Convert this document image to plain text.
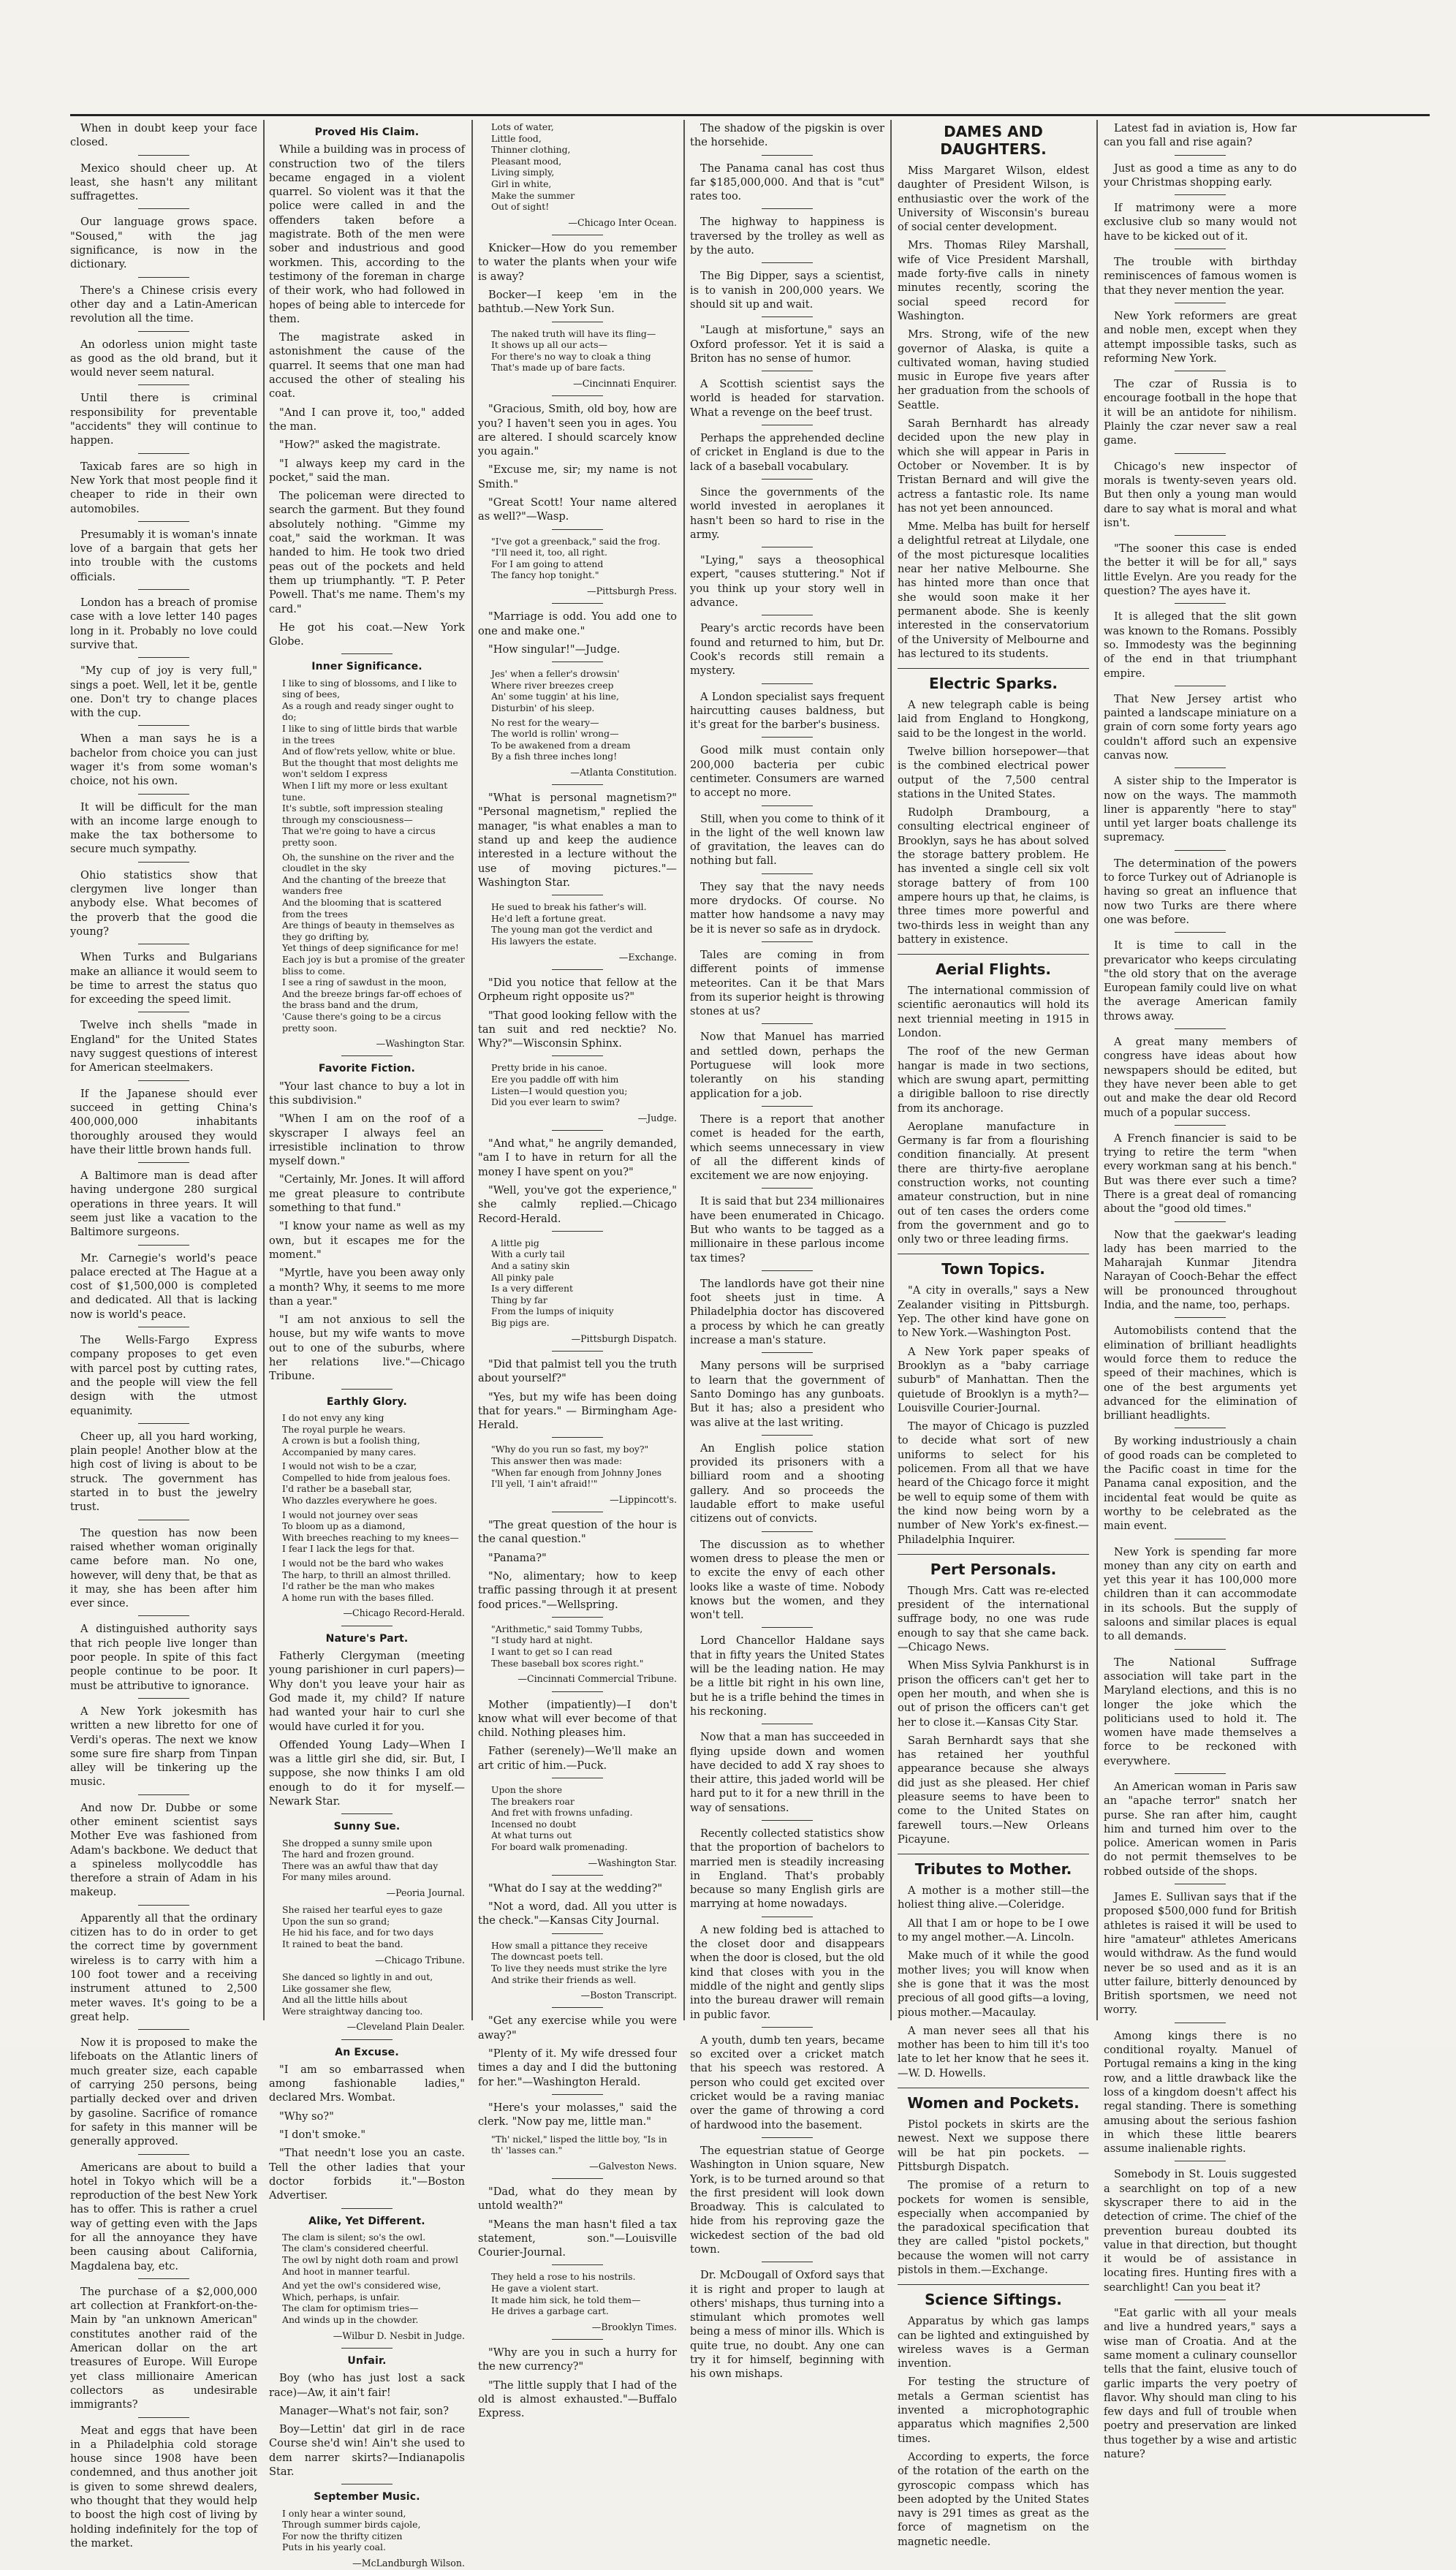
When in doubt keep your face closed.

Mexico should cheer up. At least, she hasn't any militant suffragettes.

Our language grows space. "Soused," with the jag significance, is now in the dictionary.

There's a Chinese crisis every other day and a Latin-American revolution all the time.

An odorless union might taste as good as the old brand, but it would never seem natural.

Until there is criminal responsibility for preventable "accidents" they will continue to happen.

Taxicab fares are so high in New York that most people find it cheaper to ride in their own automobiles.

Presumably it is woman's innate love of a bargain that gets her into trouble with the customs officials.

London has a breach of promise case with a love letter 140 pages long in it. Probably no love could survive that.

"My cup of joy is very full," sings a poet. Well, let it be, gentle one. Don't try to change places with the cup.

When a man says he is a bachelor from choice you can just wager it's from some woman's choice, not his own.

It will be difficult for the man with an income large enough to make the tax bothersome to secure much sympathy.

Ohio statistics show that clergymen live longer than anybody else. What becomes of the proverb that the good die young?

When Turks and Bulgarians make an alliance it would seem to be time to arrest the status quo for exceeding the speed limit.

Twelve inch shells "made in England" for the United States navy suggest questions of interest for American steelmakers.

If the Japanese should ever succeed in getting China's 400,000,000 inhabitants thoroughly aroused they would have their little brown hands full.

A Baltimore man is dead after having undergone 280 surgical operations in three years. It will seem just like a vacation to the Baltimore surgeons.

Mr. Carnegie's world's peace palace erected at The Hague at a cost of $1,500,000 is completed and dedicated. All that is lacking now is world's peace.

The Wells-Fargo Express company proposes to get even with parcel post by cutting rates, and the people will view the fell design with the utmost equanimity.

Cheer up, all you hard working, plain people! Another blow at the high cost of living is about to be struck. The government has started in to bust the jewelry trust.

The question has now been raised whether woman originally came before man. No one, however, will deny that, be that as it may, she has been after him ever since.

A distinguished authority says that rich people live longer than poor people. In spite of this fact people continue to be poor. It must be attributive to ignorance.

A New York jokesmith has written a new libretto for one of Verdi's operas. The next we know some sure fire sharp from Tinpan alley will be tinkering up the music.

And now Dr. Dubbe or some other eminent scientist says Mother Eve was fashioned from Adam's backbone. We deduct that a spineless mollycoddle has therefore a strain of Adam in his makeup.

Apparently all that the ordinary citizen has to do in order to get the correct time by government wireless is to carry with him a 100 foot tower and a receiving instrument attuned to 2,500 meter waves. It's going to be a great help.

Now it is proposed to make the lifeboats on the Atlantic liners of much greater size, each capable of carrying 250 persons, being partially decked over and driven by gasoline. Sacrifice of romance for safety in this manner will be generally approved.

Americans are about to build a hotel in Tokyo which will be a reproduction of the best New York has to offer. This is rather a cruel way of getting even with the Japs for all the annoyance they have been causing about California, Magdalena bay, etc.

The purchase of a $2,000,000 art collection at Frankfort-on-the-Main by "an unknown American" constitutes another raid of the American dollar on the art treasures of Europe. Will Europe yet class millionaire American collectors as undesirable immigrants?

Meat and eggs that have been in a Philadelphia cold storage house since 1908 have been condemned, and thus another joit is given to some shrewd dealers, who thought that they would help to boost the high cost of living by holding indefinitely for the top of the market.

Proved His Claim.

While a building was in process of construction two of the tilers became engaged in a violent quarrel. So violent was it that the police were called in and the offenders taken before a magistrate. Both of the men were sober and industrious and good workmen. This, according to the testimony of the foreman in charge of their work, who had followed in hopes of being able to intercede for them.

The magistrate asked in astonishment the cause of the quarrel. It seems that one man had accused the other of stealing his coat.

"And I can prove it, too," added the man.

"How?" asked the magistrate.

"I always keep my card in the pocket," said the man.

The policeman were directed to search the garment. But they found absolutely nothing. "Gimme my coat," said the workman. It was handed to him. He took two dried peas out of the pockets and held them up triumphantly. "T. P. Peter Powell. That's me name. Them's my card."

He got his coat.—New York Globe.

Inner Significance.
I like to sing of blossoms, and I like to sing of bees,
As a rough and ready singer ought to do;
I like to sing of little birds that warble in the trees
And of flow'rets yellow, white or blue.
But the thought that most delights me won't seldom I express
When I lift my more or less exultant tune.
It's subtle, soft impression stealing through my consciousness—
That we're going to have a circus pretty soon.
Oh, the sunshine on the river and the cloudlet in the sky
And the chanting of the breeze that wanders free
And the blooming that is scattered from the trees
Are things of beauty in themselves as they go drifting by,
Yet things of deep significance for me!
Each joy is but a promise of the greater bliss to come.
I see a ring of sawdust in the moon,
And the breeze brings far-off echoes of the brass band and the drum,
'Cause there's going to be a circus pretty soon.
—Washington Star.
Favorite Fiction.

"Your last chance to buy a lot in this subdivision."

"When I am on the roof of a skyscraper I always feel an irresistible inclination to throw myself down."

"Certainly, Mr. Jones. It will afford me great pleasure to contribute something to that fund."

"I know your name as well as my own, but it escapes me for the moment."

"Myrtle, have you been away only a month? Why, it seems to me more than a year."

"I am not anxious to sell the house, but my wife wants to move out to one of the suburbs, where her relations live."—Chicago Tribune.

Earthly Glory.
I do not envy any king
The royal purple he wears.
A crown is but a foolish thing,
Accompanied by many cares.
I would not wish to be a czar,
Compelled to hide from jealous foes.
I'd rather be a baseball star,
Who dazzles everywhere he goes.
I would not journey over seas
To bloom up as a diamond,
With breeches reaching to my knees—
I fear I lack the legs for that.
I would not be the bard who wakes
The harp, to thrill an almost thrilled.
I'd rather be the man who makes
A home run with the bases filled.
—Chicago Record-Herald.
Nature's Part.

Fatherly Clergyman (meeting young parishioner in curl papers)—Why don't you leave your hair as God made it, my child? If nature had wanted your hair to curl she would have curled it for you.

Offended Young Lady—When I was a little girl she did, sir. But, I suppose, she now thinks I am old enough to do it for myself.—Newark Star.

Sunny Sue.
She dropped a sunny smile upon
The hard and frozen ground.
There was an awful thaw that day
For many miles around.
—Peoria Journal.
She raised her tearful eyes to gaze
Upon the sun so grand;
He hid his face, and for two days
It rained to beat the band.
—Chicago Tribune.
She danced so lightly in and out,
Like gossamer she flew,
And all the little hills about
Were straightway dancing too.
—Cleveland Plain Dealer.
An Excuse.

"I am so embarrassed when among fashionable ladies," declared Mrs. Wombat.

"Why so?"

"I don't smoke."

"That needn't lose you an caste. Tell the other ladies that your doctor forbids it."—Boston Advertiser.

Alike, Yet Different.
The clam is silent; so's the owl.
The clam's considered cheerful.
The owl by night doth roam and prowl
And hoot in manner tearful.
And yet the owl's considered wise,
Which, perhaps, is unfair.
The clam for optimism tries—
And winds up in the chowder.
—Wilbur D. Nesbit in Judge.
Unfair.

Boy (who has just lost a sack race)—Aw, it ain't fair!

Manager—What's not fair, son?

Boy—Lettin' dat girl in de race Course she'd win! Ain't she used to dem narrer skirts?—Indianapolis Star.

September Music.
I only hear a winter sound,
Through summer birds cajole,
For now the thrifty citizen
Puts in his yearly coal.
—McLandburgh Wilson.
Lots of water,
Little food,
Thinner clothing,
Pleasant mood,
Living simply,
Girl in white,
Make the summer
Out of sight!
—Chicago Inter Ocean.

Knicker—How do you remember to water the plants when your wife is away?

Bocker—I keep 'em in the bathtub.—New York Sun.

The naked truth will have its fling—
It shows up all our acts—
For there's no way to cloak a thing
That's made up of bare facts.
—Cincinnati Enquirer.

"Gracious, Smith, old boy, how are you? I haven't seen you in ages. You are altered. I should scarcely know you again."

"Excuse me, sir; my name is not Smith."

"Great Scott! Your name altered as well?"—Wasp.

"I've got a greenback," said the frog.
"I'll need it, too, all right.
For I am going to attend
The fancy hop tonight."
—Pittsburgh Press.

"Marriage is odd. You add one to one and make one."

"How singular!"—Judge.

Jes' when a feller's drowsin'
Where river breezes creep
An' some tuggin' at his line,
Disturbin' of his sleep.
No rest for the weary—
The world is rollin' wrong—
To be awakened from a dream
By a fish three inches long!
—Atlanta Constitution.

"What is personal magnetism?" "Personal magnetism," replied the manager, "is what enables a man to stand up and keep the audience interested in a lecture without the use of moving pictures."—Washington Star.

He sued to break his father's will.
He'd left a fortune great.
The young man got the verdict and
His lawyers the estate.
—Exchange.

"Did you notice that fellow at the Orpheum right opposite us?"

"That good looking fellow with the tan suit and red necktie? No. Why?"—Wisconsin Sphinx.

Pretty bride in his canoe.
Ere you paddle off with him
Listen—I would question you;
Did you ever learn to swim?
—Judge.

"And what," he angrily demanded, "am I to have in return for all the money I have spent on you?"

"Well, you've got the experience," she calmly replied.—Chicago Record-Herald.

A little pig
With a curly tail
And a satiny skin
All pinky pale
Is a very different
Thing by far
From the lumps of iniquity
Big pigs are.
—Pittsburgh Dispatch.

"Did that palmist tell you the truth about yourself?"

"Yes, but my wife has been doing that for years." — Birmingham Age-Herald.

"Why do you run so fast, my boy?"
This answer then was made:
"When far enough from Johnny Jones
I'll yell, 'I ain't afraid!'"
—Lippincott's.

"The great question of the hour is the canal question."

"Panama?"

"No, alimentary; how to keep traffic passing through it at present food prices."—Wellspring.

"Arithmetic," said Tommy Tubbs,
"I study hard at night.
I want to get so I can read
These baseball box scores right."
—Cincinnati Commercial Tribune.

Mother (impatiently)—I don't know what will ever become of that child. Nothing pleases him.

Father (serenely)—We'll make an art critic of him.—Puck.

Upon the shore
The breakers roar
And fret with frowns unfading.
Incensed no doubt
At what turns out
For board walk promenading.
—Washington Star.

"What do I say at the wedding?"

"Not a word, dad. All you utter is the check."—Kansas City Journal.

How small a pittance they receive
The downcast poets tell.
To live they needs must strike the lyre
And strike their friends as well.
—Boston Transcript.

"Get any exercise while you were away?"

"Plenty of it. My wife dressed four times a day and I did the buttoning for her."—Washington Herald.

"Here's your molasses," said the clerk. "Now pay me, little man."

"Th' nickel," lisped the little boy, "Is in th' 'lasses can."
—Galveston News.

"Dad, what do they mean by untold wealth?"

"Means the man hasn't filed a tax statement, son."—Louisville Courier-Journal.

They held a rose to his nostrils.
He gave a violent start.
It made him sick, he told them—
He drives a garbage cart.
—Brooklyn Times.

"Why are you in such a hurry for the new currency?"

"The little supply that I had of the old is almost exhausted."—Buffalo Express.

The shadow of the pigskin is over the horsehide.

The Panama canal has cost thus far $185,000,000. And that is "cut" rates too.

The highway to happiness is traversed by the trolley as well as by the auto.

The Big Dipper, says a scientist, is to vanish in 200,000 years. We should sit up and wait.

"Laugh at misfortune," says an Oxford professor. Yet it is said a Briton has no sense of humor.

A Scottish scientist says the world is headed for starvation. What a revenge on the beef trust.

Perhaps the apprehended decline of cricket in England is due to the lack of a baseball vocabulary.

Since the governments of the world invested in aeroplanes it hasn't been so hard to rise in the army.

"Lying," says a theosophical expert, "causes stuttering." Not if you think up your story well in advance.

Peary's arctic records have been found and returned to him, but Dr. Cook's records still remain a mystery.

A London specialist says frequent haircutting causes baldness, but it's great for the barber's business.

Good milk must contain only 200,000 bacteria per cubic centimeter. Consumers are warned to accept no more.

Still, when you come to think of it in the light of the well known law of gravitation, the leaves can do nothing but fall.

They say that the navy needs more drydocks. Of course. No matter how handsome a navy may be it is never so safe as in drydock.

Tales are coming in from different points of immense meteorites. Can it be that Mars from its superior height is throwing stones at us?

Now that Manuel has married and settled down, perhaps the Portuguese will look more tolerantly on his standing application for a job.

There is a report that another comet is headed for the earth, which seems unnecessary in view of all the different kinds of excitement we are now enjoying.

It is said that but 234 millionaires have been enumerated in Chicago. But who wants to be tagged as a millionaire in these parlous income tax times?

The landlords have got their nine foot sheets just in time. A Philadelphia doctor has discovered a process by which he can greatly increase a man's stature.

Many persons will be surprised to learn that the government of Santo Domingo has any gunboats. But it has; also a president who was alive at the last writing.

An English police station provided its prisoners with a billiard room and a shooting gallery. And so proceeds the laudable effort to make useful citizens out of convicts.

The discussion as to whether women dress to please the men or to excite the envy of each other looks like a waste of time. Nobody knows but the women, and they won't tell.

Lord Chancellor Haldane says that in fifty years the United States will be the leading nation. He may be a little bit right in his own line, but he is a trifle behind the times in his reckoning.

Now that a man has succeeded in flying upside down and women have decided to add X ray shoes to their attire, this jaded world will be hard put to it for a new thrill in the way of sensations.

Recently collected statistics show that the proportion of bachelors to married men is steadily increasing in England. That's probably because so many English girls are marrying at home nowadays.

A new folding bed is attached to the closet door and disappears when the door is closed, but the old kind that closes with you in the middle of the night and gently slips into the bureau drawer will remain in public favor.

A youth, dumb ten years, became so excited over a cricket match that his speech was restored. A person who could get excited over cricket would be a raving maniac over the game of throwing a cord of hardwood into the basement.

The equestrian statue of George Washington in Union square, New York, is to be turned around so that the first president will look down Broadway. This is calculated to hide from his reproving gaze the wickedest section of the bad old town.

Dr. McDougall of Oxford says that it is right and proper to laugh at others' mishaps, thus turning into a stimulant which promotes well being a mess of minor ills. Which is quite true, no doubt. Any one can try it for himself, beginning with his own mishaps.

DAMES AND DAUGHTERS.

Miss Margaret Wilson, eldest daughter of President Wilson, is enthusiastic over the work of the University of Wisconsin's bureau of social center development.

Mrs. Thomas Riley Marshall, wife of Vice President Marshall, made forty-five calls in ninety minutes recently, scoring the social speed record for Washington.

Mrs. Strong, wife of the new governor of Alaska, is quite a cultivated woman, having studied music in Europe five years after her graduation from the schools of Seattle.

Sarah Bernhardt has already decided upon the new play in which she will appear in Paris in October or November. It is by Tristan Bernard and will give the actress a fantastic role. Its name has not yet been announced.

Mme. Melba has built for herself a delightful retreat at Lilydale, one of the most picturesque localities near her native Melbourne. She has hinted more than once that she would soon make it her permanent abode. She is keenly interested in the conservatorium of the University of Melbourne and has lectured to its students.

Electric Sparks.

A new telegraph cable is being laid from England to Hongkong, said to be the longest in the world.

Twelve billion horsepower—that is the combined electrical power output of the 7,500 central stations in the United States.

Rudolph Drambourg, a consulting electrical engineer of Brooklyn, says he has about solved the storage battery problem. He has invented a single cell six volt storage battery of from 100 ampere hours up that, he claims, is three times more powerful and two-thirds less in weight than any battery in existence.

Aerial Flights.

The international commission of scientific aeronautics will hold its next triennial meeting in 1915 in London.

The roof of the new German hangar is made in two sections, which are swung apart, permitting a dirigible balloon to rise directly from its anchorage.

Aeroplane manufacture in Germany is far from a flourishing condition financially. At present there are thirty-five aeroplane construction works, not counting amateur construction, but in nine out of ten cases the orders come from the government and go to only two or three leading firms.

Town Topics.

"A city in overalls," says a New Zealander visiting in Pittsburgh. Yep. The other kind have gone on to New York.—Washington Post.

A New York paper speaks of Brooklyn as a "baby carriage suburb" of Manhattan. Then the quietude of Brooklyn is a myth?—Louisville Courier-Journal.

The mayor of Chicago is puzzled to decide what sort of new uniforms to select for his policemen. From all that we have heard of the Chicago force it might be well to equip some of them with the kind now being worn by a number of New York's ex-finest.—Philadelphia Inquirer.

Pert Personals.

Though Mrs. Catt was re-elected president of the international suffrage body, no one was rude enough to say that she came back.—Chicago News.

When Miss Sylvia Pankhurst is in prison the officers can't get her to open her mouth, and when she is out of prison the officers can't get her to close it.—Kansas City Star.

Sarah Bernhardt says that she has retained her youthful appearance because she always did just as she pleased. Her chief pleasure seems to have been to come to the United States on farewell tours.—New Orleans Picayune.

Tributes to Mother.

A mother is a mother still—the holiest thing alive.—Coleridge.

All that I am or hope to be I owe to my angel mother.—A. Lincoln.

Make much of it while the good mother lives; you will know when she is gone that it was the most precious of all good gifts—a loving, pious mother.—Macaulay.

A man never sees all that his mother has been to him till it's too late to let her know that he sees it.—W. D. Howells.

Women and Pockets.

Pistol pockets in skirts are the newest. Next we suppose there will be hat pin pockets. — Pittsburgh Dispatch.

The promise of a return to pockets for women is sensible, especially when accompanied by the paradoxical specification that they are called "pistol pockets," because the women will not carry pistols in them.—Exchange.

Science Siftings.

Apparatus by which gas lamps can be lighted and extinguished by wireless waves is a German invention.

For testing the structure of metals a German scientist has invented a microphotographic apparatus which magnifies 2,500 times.

According to experts, the force of the rotation of the earth on the gyroscopic compass which has been adopted by the United States navy is 291 times as great as the force of magnetism on the magnetic needle.

Latest fad in aviation is, How far can you fall and rise again?

Just as good a time as any to do your Christmas shopping early.

If matrimony were a more exclusive club so many would not have to be kicked out of it.

The trouble with birthday reminiscences of famous women is that they never mention the year.

New York reformers are great and noble men, except when they attempt impossible tasks, such as reforming New York.

The czar of Russia is to encourage football in the hope that it will be an antidote for nihilism. Plainly the czar never saw a real game.

Chicago's new inspector of morals is twenty-seven years old. But then only a young man would dare to say what is moral and what isn't.

"The sooner this case is ended the better it will be for all," says little Evelyn. Are you ready for the question? The ayes have it.

It is alleged that the slit gown was known to the Romans. Possibly so. Immodesty was the beginning of the end in that triumphant empire.

That New Jersey artist who painted a landscape miniature on a grain of corn some forty years ago couldn't afford such an expensive canvas now.

A sister ship to the Imperator is now on the ways. The mammoth liner is apparently "here to stay" until yet larger boats challenge its supremacy.

The determination of the powers to force Turkey out of Adrianople is having so great an influence that now two Turks are there where one was before.

It is time to call in the prevaricator who keeps circulating "the old story that on the average European family could live on what the average American family throws away.

A great many members of congress have ideas about how newspapers should be edited, but they have never been able to get out and make the dear old Record much of a popular success.

A French financier is said to be trying to retire the term "when every workman sang at his bench." But was there ever such a time? There is a great deal of romancing about the "good old times."

Now that the gaekwar's leading lady has been married to the Maharajah Kunmar Jitendra Narayan of Cooch-Behar the effect will be pronounced throughout India, and the name, too, perhaps.

Automobilists contend that the elimination of brilliant headlights would force them to reduce the speed of their machines, which is one of the best arguments yet advanced for the elimination of brilliant headlights.

By working industriously a chain of good roads can be completed to the Pacific coast in time for the Panama canal exposition, and the incidental feat would be quite as worthy to be celebrated as the main event.

New York is spending far more money than any city on earth and yet this year it has 100,000 more children than it can accommodate in its schools. But the supply of saloons and similar places is equal to all demands.

The National Suffrage association will take part in the Maryland elections, and this is no longer the joke which the politicians used to hold it. The women have made themselves a force to be reckoned with everywhere.

An American woman in Paris saw an "apache terror" snatch her purse. She ran after him, caught him and turned him over to the police. American women in Paris do not permit themselves to be robbed outside of the shops.

James E. Sullivan says that if the proposed $500,000 fund for British athletes is raised it will be used to hire "amateur" athletes Americans would withdraw. As the fund would never be so used and as it is an utter failure, bitterly denounced by British sportsmen, we need not worry.

Among kings there is no conditional royalty. Manuel of Portugal remains a king in the king row, and a little drawback like the loss of a kingdom doesn't affect his regal standing. There is something amusing about the serious fashion in which these little bearers assume inalienable rights.

Somebody in St. Louis suggested a searchlight on top of a new skyscraper there to aid in the detection of crime. The chief of the prevention bureau doubted its value in that direction, but thought it would be of assistance in locating fires. Hunting fires with a searchlight! Can you beat it?

"Eat garlic with all your meals and live a hundred years," says a wise man of Croatia. And at the same moment a culinary counsellor tells that the faint, elusive touch of garlic imparts the very poetry of flavor. Why should man cling to his few days and full of trouble when poetry and preservation are linked thus together by a wise and artistic nature?
